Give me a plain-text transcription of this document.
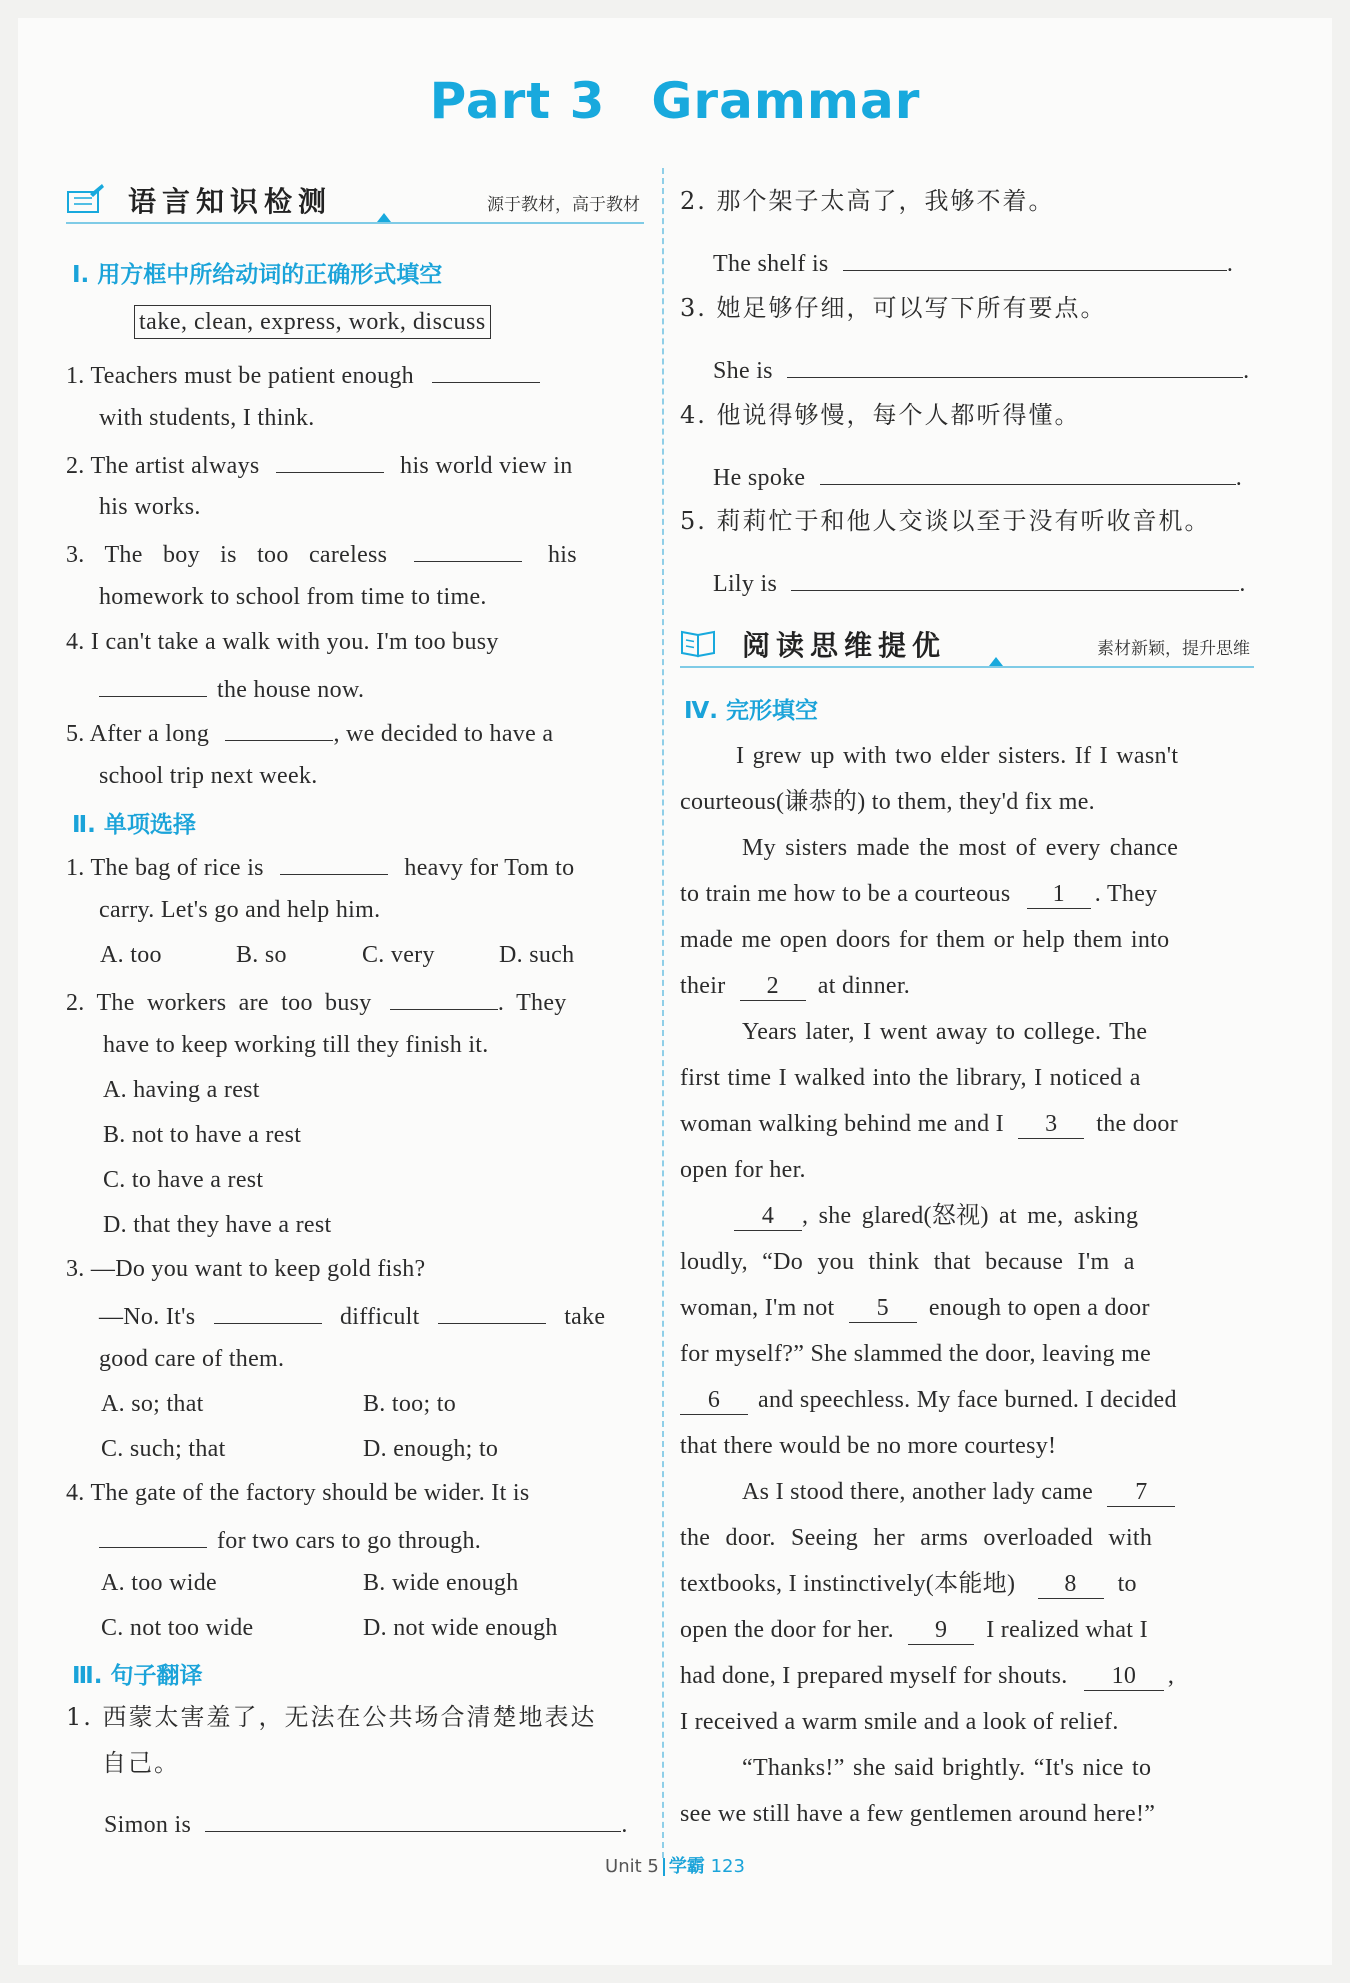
Part 3 Grammar
语言知识检测	源于教材，高于教材
Ⅰ. 用方框中所给动词的正确形式填空
take, clean, express, work, discuss
1. Teachers must be patient enough
with students, I think.
2. The artist always	his world view in
his works.
3. The boy is too careless	his
homework to school from time to time.
4. I can't take a walk with you. I'm too busy
the house now.
5. After a long	, we decided to have a
school trip next week.
Ⅱ. 单项选择
1. The bag of rice is	heavy for Tom to
carry. Let's go and help him.
A. too	B. so	C. very	D. such
2. The workers are too busy	. They
have to keep working till they finish it.
A. having a rest
B. not to have a rest
C. to have a rest
D. that they have a rest
3. —Do you want to keep gold fish?
—No. It's	difficult	take
good care of them.
A. so; that	B. too; to
C. such; that	D. enough; to
4. The gate of the factory should be wider. It is
for two cars to go through.
A. too wide	B. wide enough
C. not too wide	D. not wide enough
Ⅲ. 句子翻译
1. 西蒙太害羞了，无法在公共场合清楚地表达
自己。
Simon is	.
2. 那个架子太高了，我够不着。
The shelf is	.
3. 她足够仔细，可以写下所有要点。
She is	.
4. 他说得够慢，每个人都听得懂。
He spoke	.
5. 莉莉忙于和他人交谈以至于没有听收音机。
Lily is	.
阅读思维提优	素材新颖，提升思维
Ⅳ. 完形填空
I grew up with two elder sisters. If I wasn't
courteous(谦恭的) to them, they'd fix me.
My sisters made the most of every chance
to train me how to be a courteous 1 . They
made me open doors for them or help them into
their 2 at dinner.
Years later, I went away to college. The
first time I walked into the library, I noticed a
woman walking behind me and I 3 the door
open for her.
4 , she glared(怒视) at me, asking
loudly, “Do you think that because I'm a
woman, I'm not 5 enough to open a door
for myself?” She slammed the door, leaving me
6 and speechless. My face burned. I decided
that there would be no more courtesy!
As I stood there, another lady came 7
the door. Seeing her arms overloaded with
textbooks, I instinctively(本能地) 8 to
open the door for her. 9 I realized what I
had done, I prepared myself for shouts. 10 ,
I received a warm smile and a look of relief.
“Thanks!” she said brightly. “It's nice to
see we still have a few gentlemen around here!”
Unit 5 学霸 123
